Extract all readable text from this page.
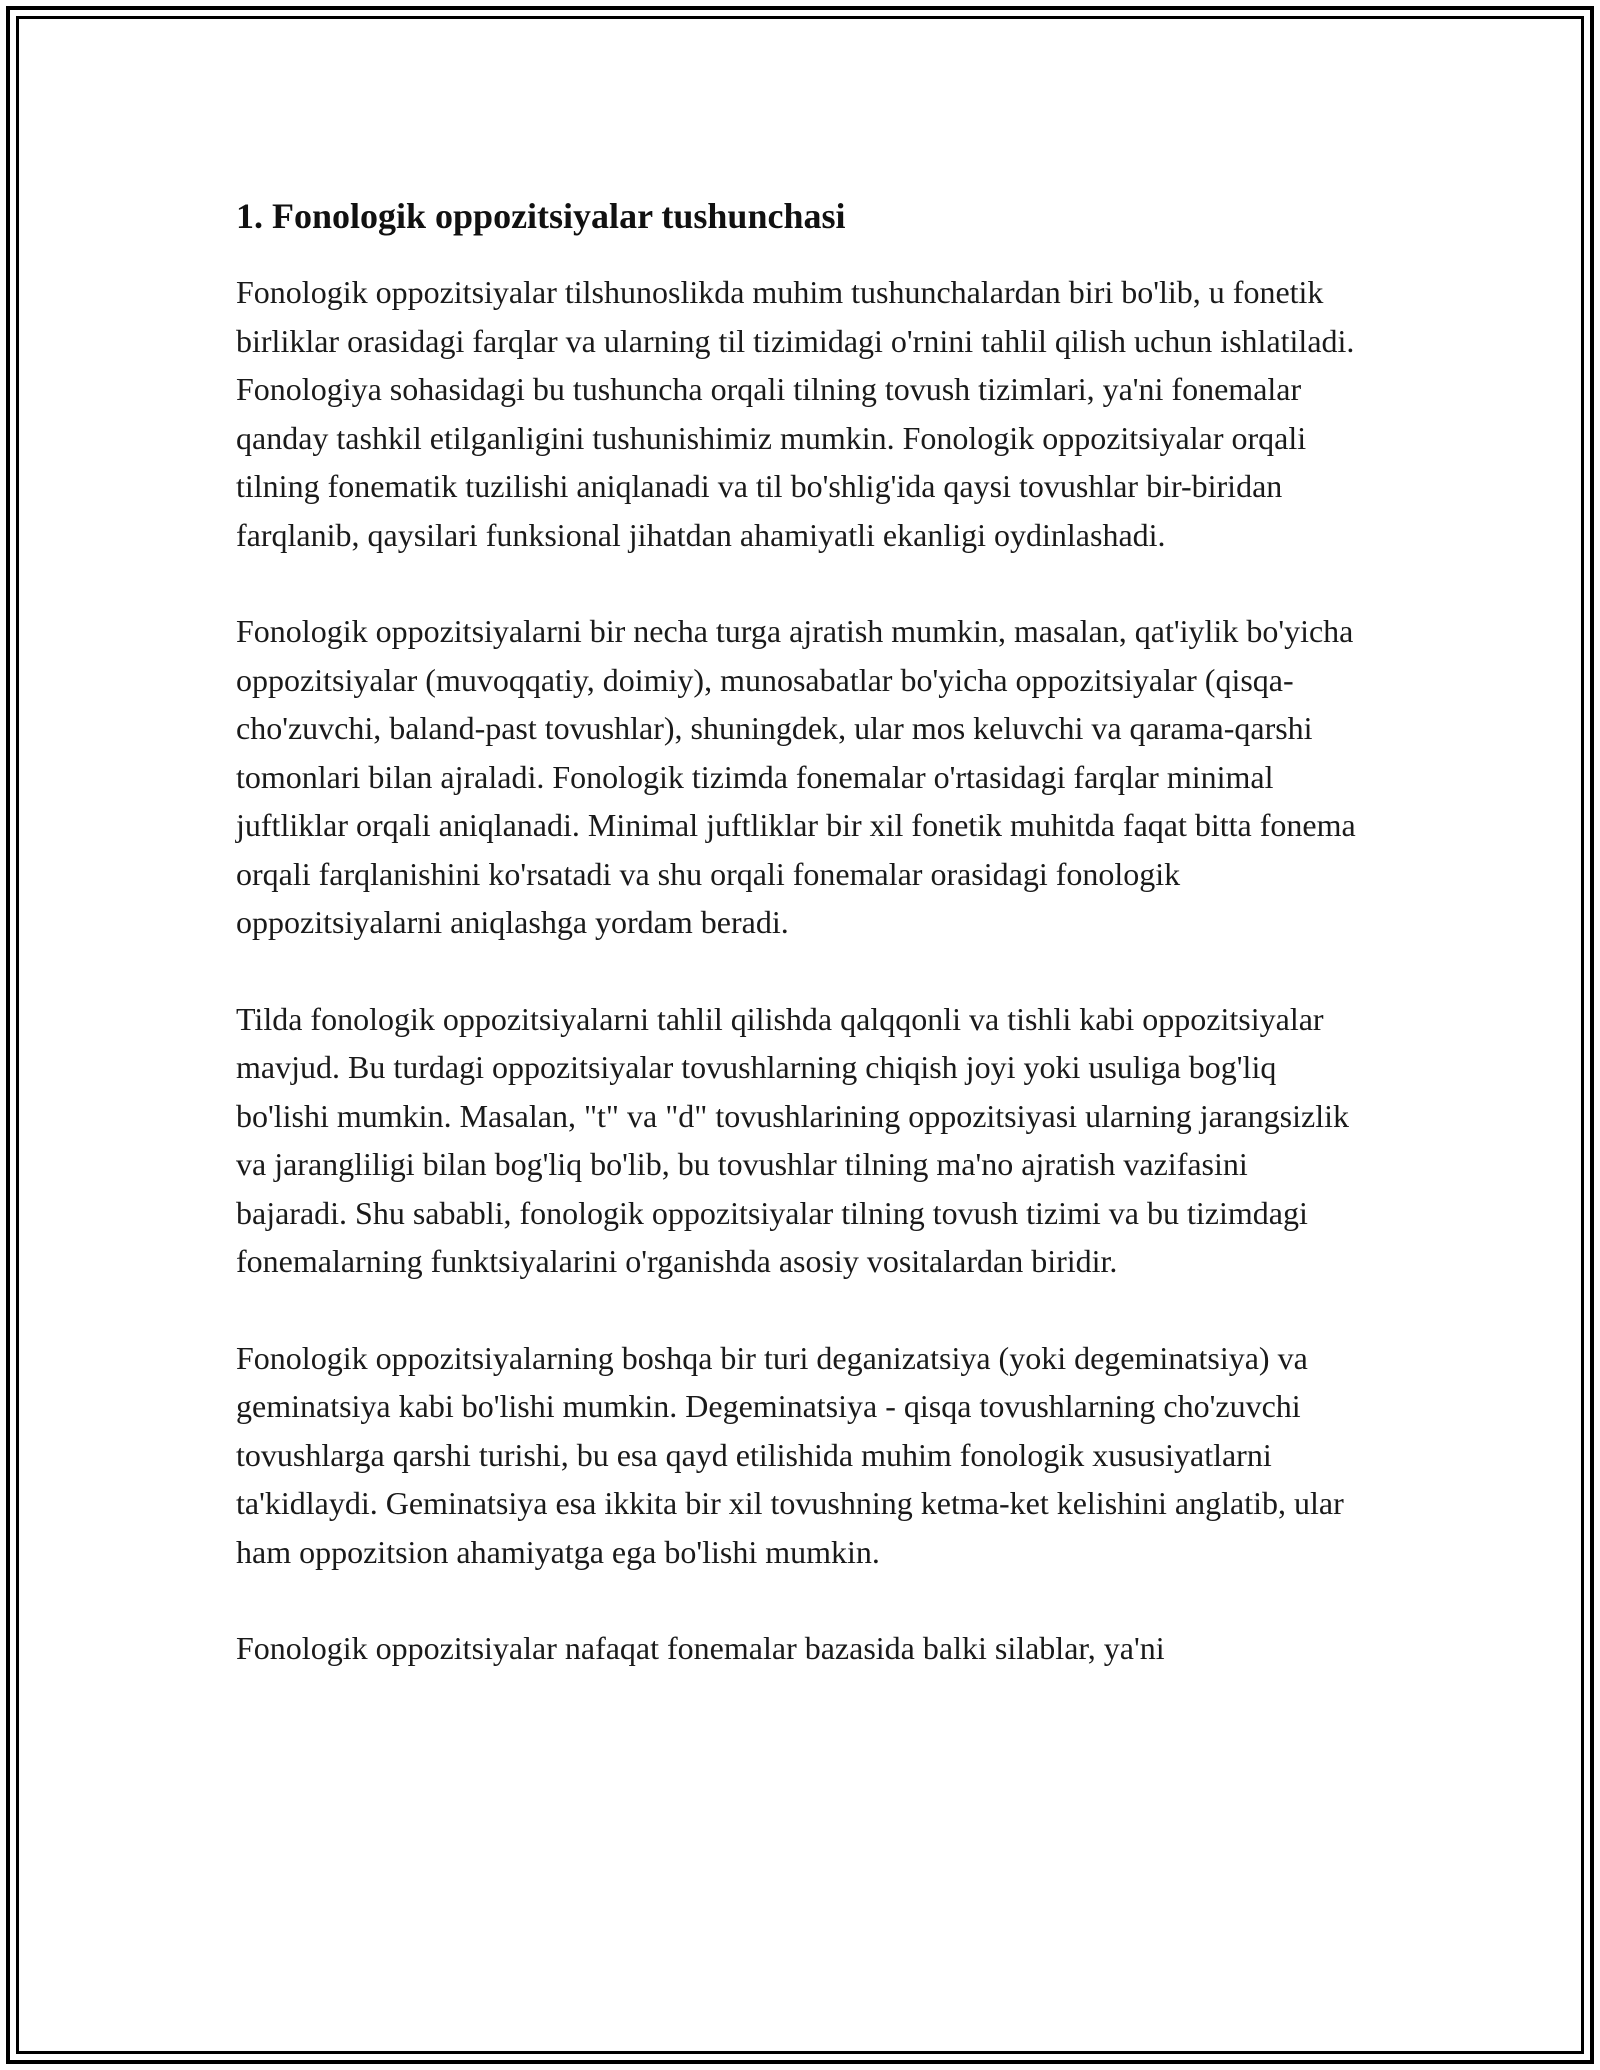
1. Fonologik oppozitsiyalar tushunchasi

Fonologik oppozitsiyalar tilshunoslikda muhim tushunchalardan biri bo'lib, u fonetik birliklar orasidagi farqlar va ularning til tizimidagi o'rnini tahlil qilish uchun ishlatiladi. Fonologiya sohasidagi bu tushuncha orqali tilning tovush tizimlari, ya'ni fonemalar qanday tashkil etilganligini tushunishimiz mumkin. Fonologik oppozitsiyalar orqali tilning fonematik tuzilishi aniqlanadi va til bo'shlig'ida qaysi tovushlar bir-biridan farqlanib, qaysilari funksional jihatdan ahamiyatli ekanligi oydinlashadi.

Fonologik oppozitsiyalarni bir necha turga ajratish mumkin, masalan, qat'iylik bo'yicha oppozitsiyalar (muvoqqatiy, doimiy), munosabatlar bo'yicha oppozitsiyalar (qisqa-cho'zuvchi, baland-past tovushlar), shuningdek, ular mos keluvchi va qarama-qarshi tomonlari bilan ajraladi. Fonologik tizimda fonemalar o'rtasidagi farqlar minimal juftliklar orqali aniqlanadi. Minimal juftliklar bir xil fonetik muhitda faqat bitta fonema orqali farqlanishini ko'rsatadi va shu orqali fonemalar orasidagi fonologik oppozitsiyalarni aniqlashga yordam beradi.

Tilda fonologik oppozitsiyalarni tahlil qilishda qalqqonli va tishli kabi oppozitsiyalar mavjud. Bu turdagi oppozitsiyalar tovushlarning chiqish joyi yoki usuliga bog'liq bo'lishi mumkin. Masalan, "t" va "d" tovushlarining oppozitsiyasi ularning jarangsizlik va jarangliligi bilan bog'liq bo'lib, bu tovushlar tilning ma'no ajratish vazifasini bajaradi. Shu sababli, fonologik oppozitsiyalar tilning tovush tizimi va bu tizimdagi fonemalarning funktsiyalarini o'rganishda asosiy vositalardan biridir.

Fonologik oppozitsiyalarning boshqa bir turi deganizatsiya (yoki degeminatsiya) va geminatsiya kabi bo'lishi mumkin. Degeminatsiya - qisqa tovushlarning cho'zuvchi tovushlarga qarshi turishi, bu esa qayd etilishida muhim fonologik xususiyatlarni ta'kidlaydi. Geminatsiya esa ikkita bir xil tovushning ketma-ket kelishini anglatib, ular ham oppozitsion ahamiyatga ega bo'lishi mumkin.

Fonologik oppozitsiyalar nafaqat fonemalar bazasida balki silablar, ya'ni
